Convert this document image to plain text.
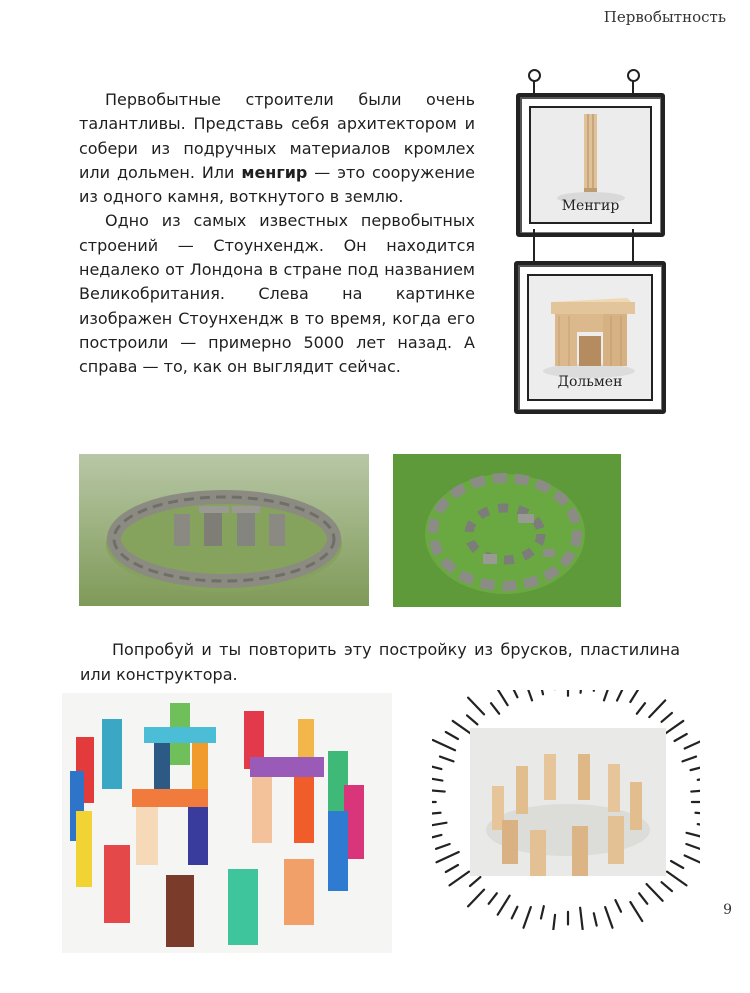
Первобытность

Первобытные строители были очень талантливы. Представь себя архитектором и собери из подручных материалов кромлех или дольмен. Или менгир — это сооружение из одного камня, воткнутого в землю.

Одно из самых известных первобытных строений — Стоунхендж. Он находится недалеко от Лондона в стране под названием Великобритания. Слева на картинке изображен Стоунхендж в то время, когда его построили — примерно 5000 лет назад. А справа — то, как он выглядит сейчас.

Менгир
Дольмен

Попробуй и ты повторить эту постройку из брусков, пластилина или конструктора.

9
